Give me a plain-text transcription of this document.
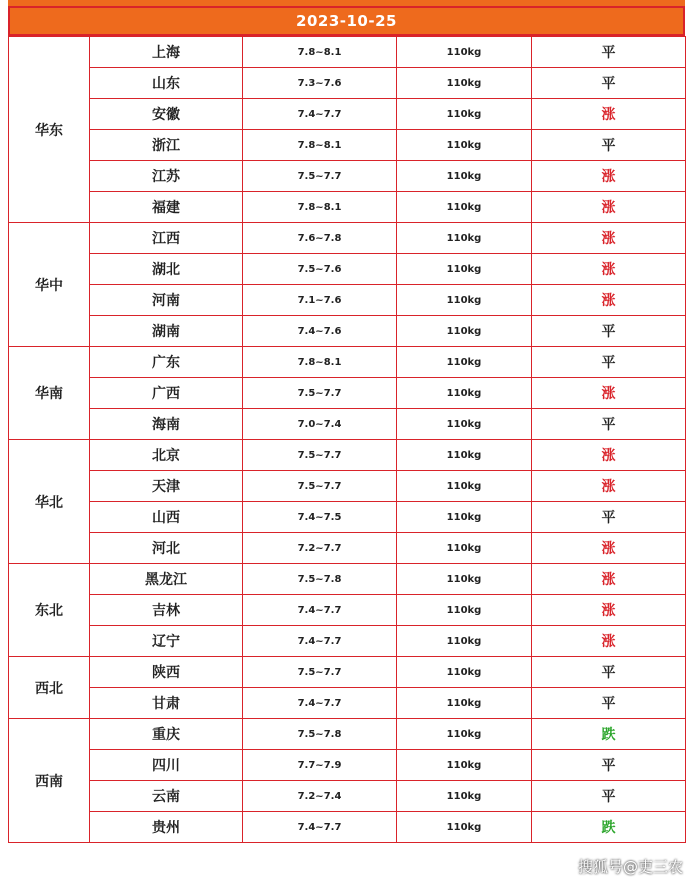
2023-10-25
华东	上海	7.8~8.1	110kg	平
	山东	7.3~7.6	110kg	平
	安徽	7.4~7.7	110kg	涨
	浙江	7.8~8.1	110kg	平
	江苏	7.5~7.7	110kg	涨
	福建	7.8~8.1	110kg	涨
华中	江西	7.6~7.8	110kg	涨
	湖北	7.5~7.6	110kg	涨
	河南	7.1~7.6	110kg	涨
	湖南	7.4~7.6	110kg	平
华南	广东	7.8~8.1	110kg	平
	广西	7.5~7.7	110kg	涨
	海南	7.0~7.4	110kg	平
华北	北京	7.5~7.7	110kg	涨
	天津	7.5~7.7	110kg	涨
	山西	7.4~7.5	110kg	平
	河北	7.2~7.7	110kg	涨
东北	黑龙江	7.5~7.8	110kg	涨
	吉林	7.4~7.7	110kg	涨
	辽宁	7.4~7.7	110kg	涨
西北	陕西	7.5~7.7	110kg	平
	甘肃	7.4~7.7	110kg	平
西南	重庆	7.5~7.8	110kg	跌
	四川	7.7~7.9	110kg	平
	云南	7.2~7.4	110kg	平
	贵州	7.4~7.7	110kg	跌
搜狐号@吏三农
